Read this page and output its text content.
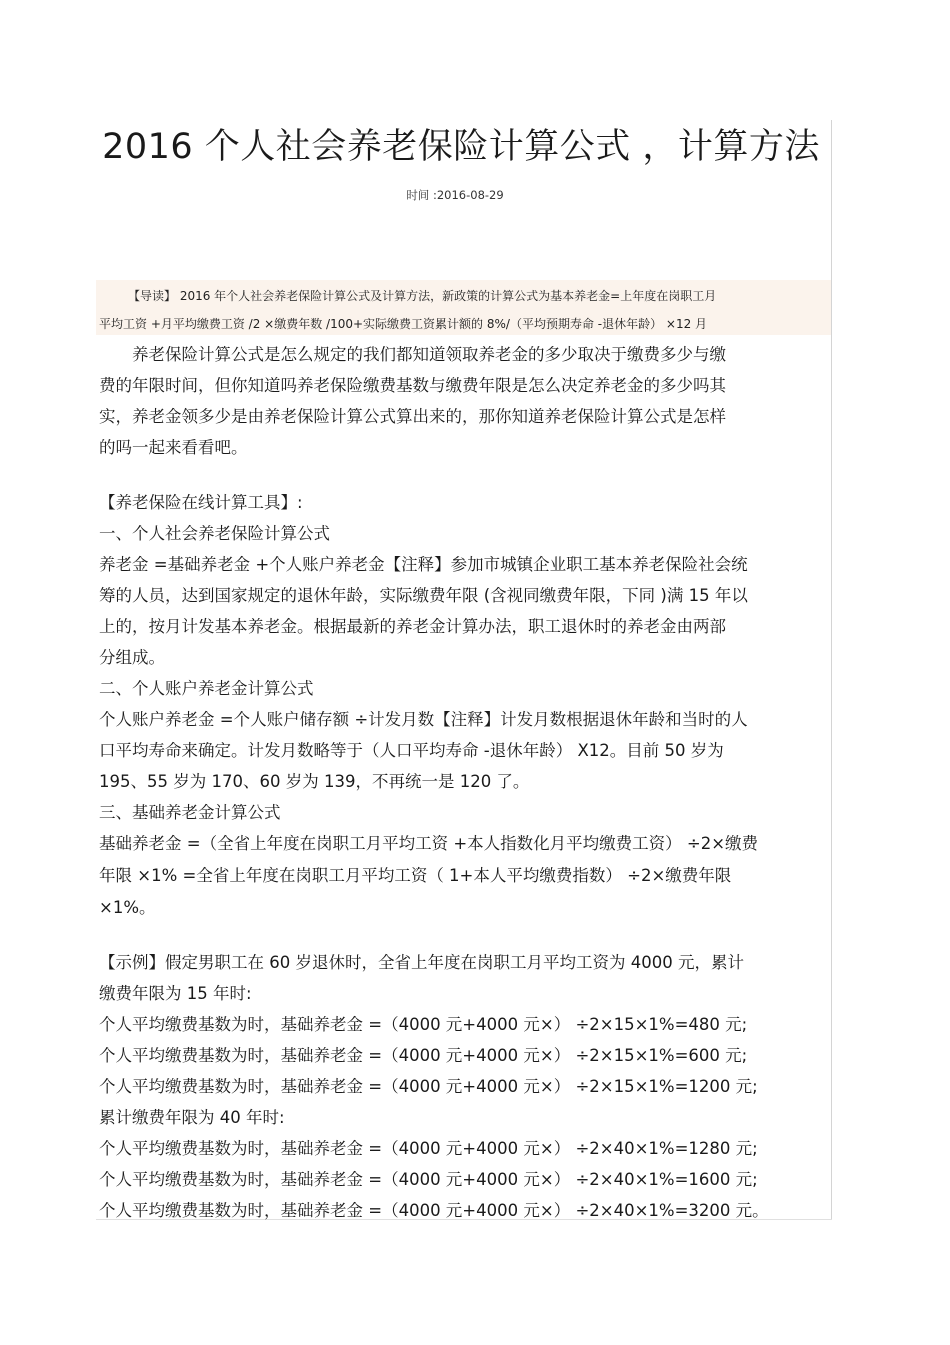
2016 个人社会养老保险计算公式 ，计算方法
时间 :2016-08-29
【导读】 2016 年个人社会养老保险计算公式及计算方法，新政策的计算公式为基本养老金=上年度在岗职工月
平均工资 +月平均缴费工资 /2 ×缴费年数 /100+实际缴费工资累计额的 8%/（平均预期寿命 -退休年龄） ×12 月
　　养老保险计算公式是怎么规定的我们都知道领取养老金的多少取决于缴费多少与缴
费的年限时间，但你知道吗养老保险缴费基数与缴费年限是怎么决定养老金的多少吗其
实，养老金领多少是由养老保险计算公式算出来的，那你知道养老保险计算公式是怎样
的吗一起来看看吧。
【养老保险在线计算工具】:
一、个人社会养老保险计算公式
养老金 =基础养老金 +个人账户养老金【注释】参加市城镇企业职工基本养老保险社会统
筹的人员，达到国家规定的退休年龄，实际缴费年限 (含视同缴费年限，下同 )满 15 年以
上的，按月计发基本养老金。根据最新的养老金计算办法，职工退休时的养老金由两部
分组成。
二、个人账户养老金计算公式
个人账户养老金 =个人账户储存额 ÷计发月数【注释】计发月数根据退休年龄和当时的人
口平均寿命来确定。计发月数略等于（人口平均寿命 -退休年龄） X12。目前 50 岁为
195、55 岁为 170、60 岁为 139，不再统一是 120 了。
三、基础养老金计算公式
基础养老金 =（全省上年度在岗职工月平均工资 +本人指数化月平均缴费工资） ÷2×缴费
年限 ×1% =全省上年度在岗职工月平均工资（ 1+本人平均缴费指数） ÷2×缴费年限
×1%。
【示例】假定男职工在 60 岁退休时，全省上年度在岗职工月平均工资为 4000 元，累计
缴费年限为 15 年时:
个人平均缴费基数为时，基础养老金 =（4000 元+4000 元×） ÷2×15×1%=480 元;
个人平均缴费基数为时，基础养老金 =（4000 元+4000 元×） ÷2×15×1%=600 元;
个人平均缴费基数为时，基础养老金 =（4000 元+4000 元×） ÷2×15×1%=1200 元;
累计缴费年限为 40 年时:
个人平均缴费基数为时，基础养老金 =（4000 元+4000 元×） ÷2×40×1%=1280 元;
个人平均缴费基数为时，基础养老金 =（4000 元+4000 元×） ÷2×40×1%=1600 元;
个人平均缴费基数为时，基础养老金 =（4000 元+4000 元×） ÷2×40×1%=3200 元。
